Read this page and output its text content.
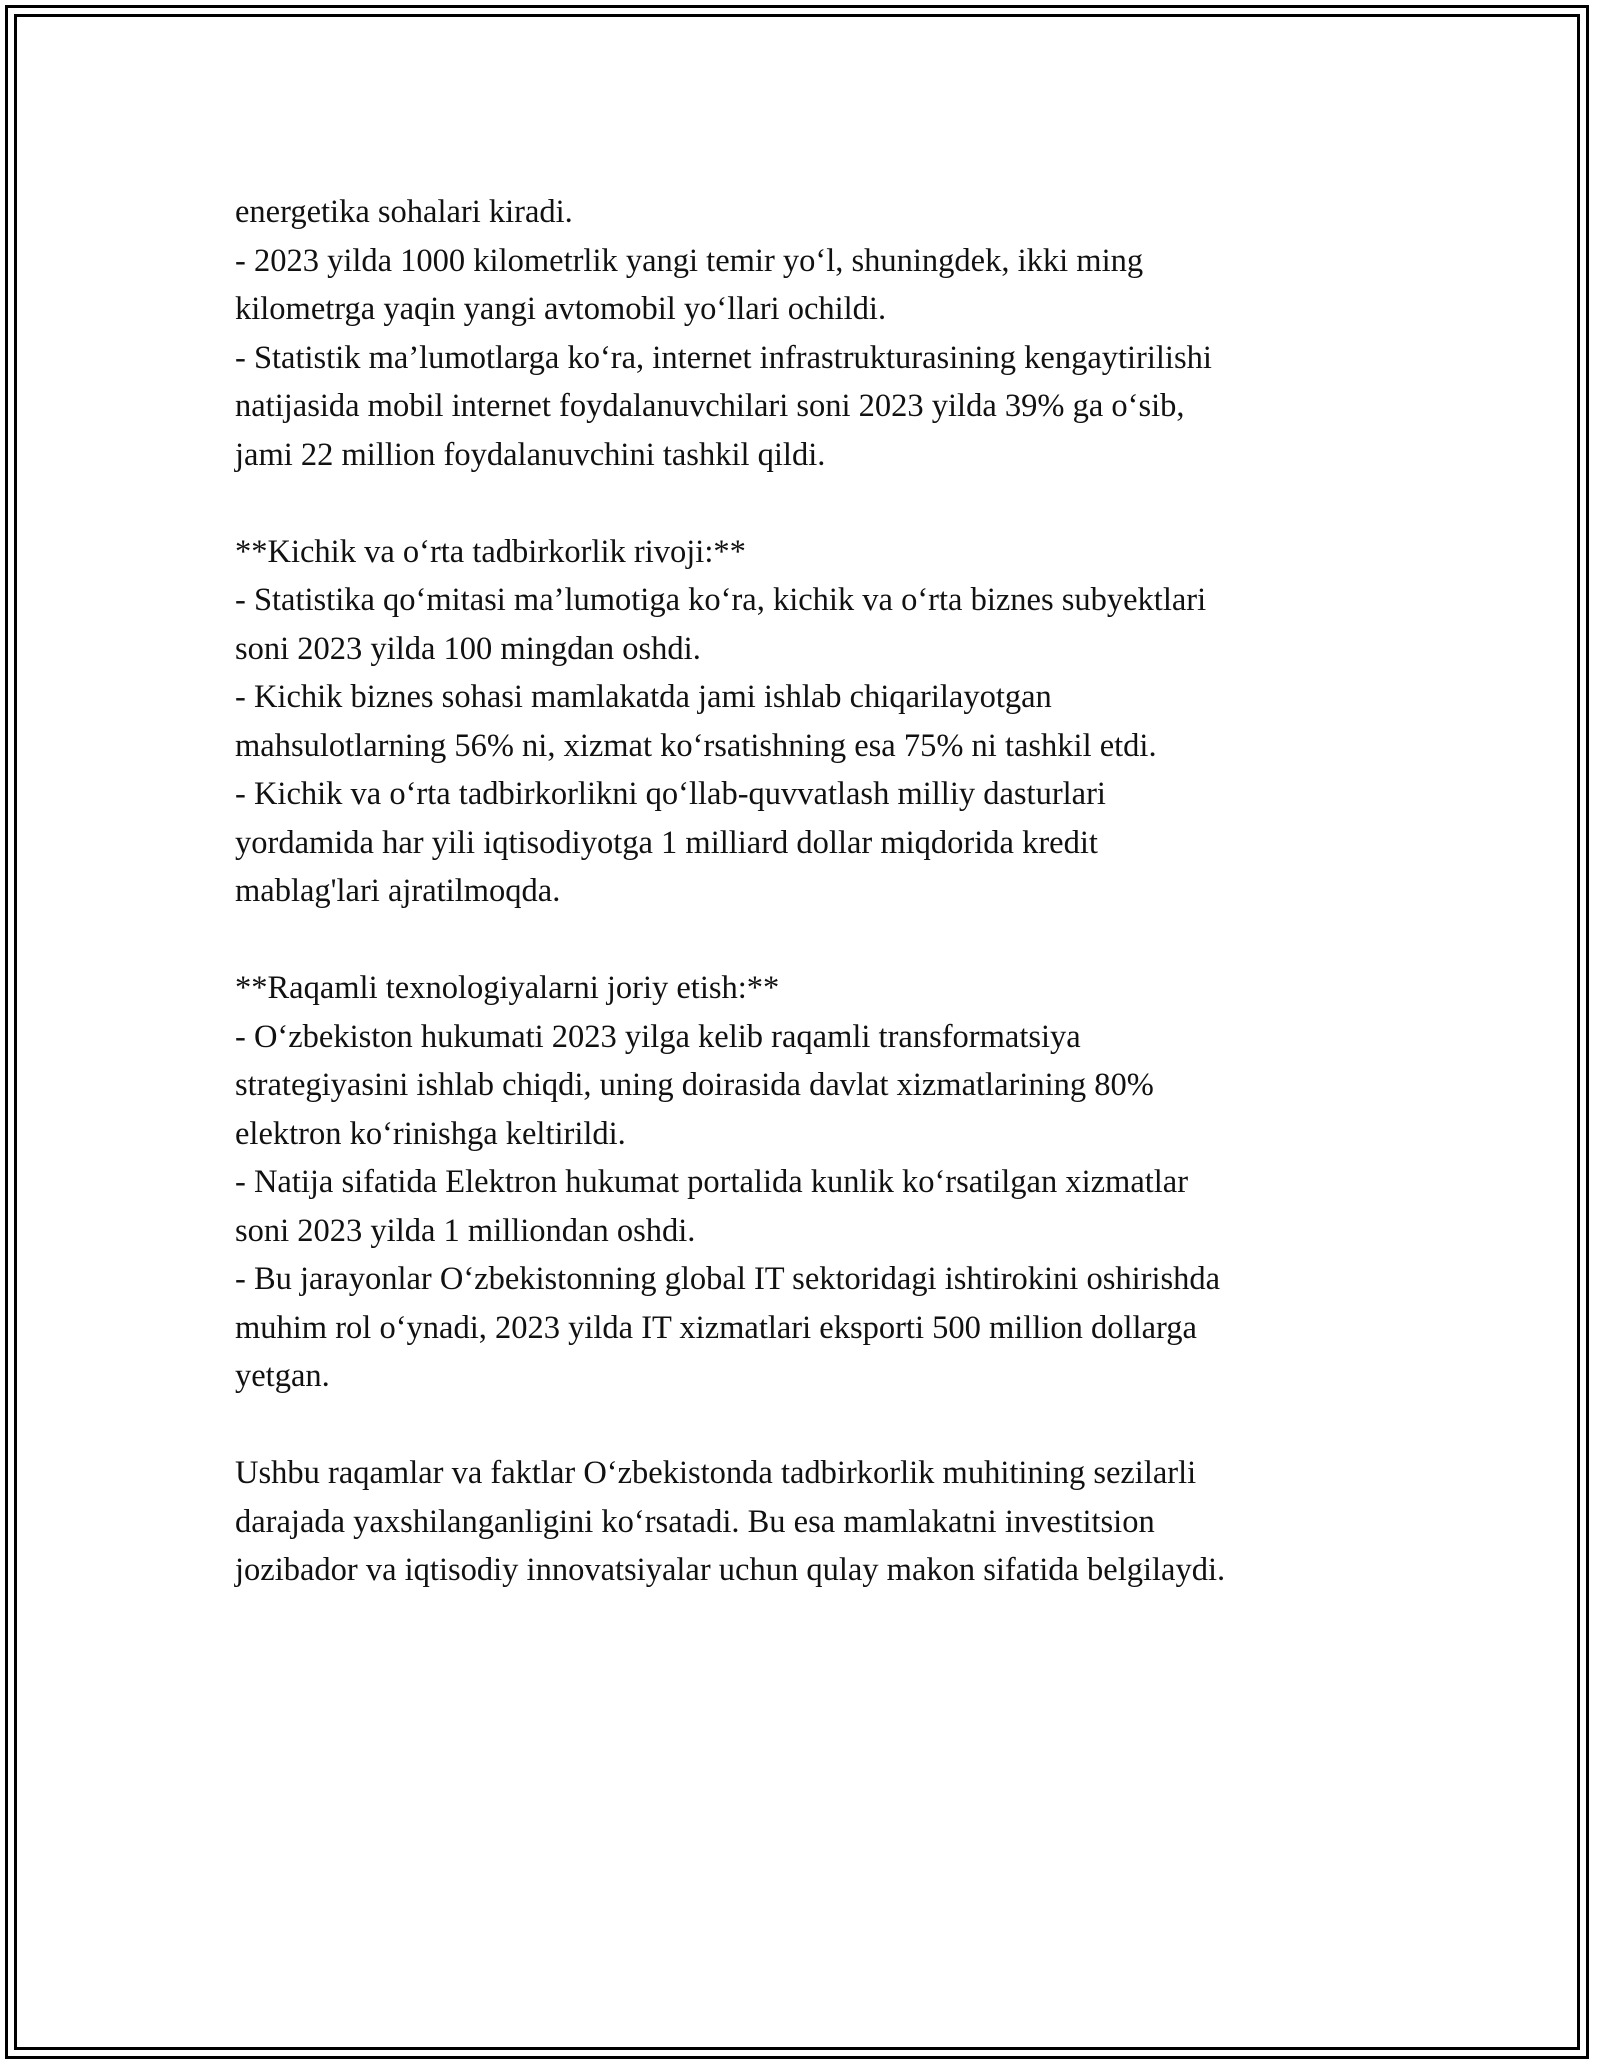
energetika sohalari kiradi.
- 2023 yilda 1000 kilometrlik yangi temir yo‘l, shuningdek, ikki ming
kilometrga yaqin yangi avtomobil yo‘llari ochildi.
- Statistik ma’lumotlarga ko‘ra, internet infrastrukturasining kengaytirilishi
natijasida mobil internet foydalanuvchilari soni 2023 yilda 39% ga o‘sib,
jami 22 million foydalanuvchini tashkil qildi.
**Kichik va o‘rta tadbirkorlik rivoji:**
- Statistika qo‘mitasi ma’lumotiga ko‘ra, kichik va o‘rta biznes subyektlari
soni 2023 yilda 100 mingdan oshdi.
- Kichik biznes sohasi mamlakatda jami ishlab chiqarilayotgan
mahsulotlarning 56% ni, xizmat ko‘rsatishning esa 75% ni tashkil etdi.
- Kichik va o‘rta tadbirkorlikni qo‘llab-quvvatlash milliy dasturlari
yordamida har yili iqtisodiyotga 1 milliard dollar miqdorida kredit
mablag'lari ajratilmoqda.
**Raqamli texnologiyalarni joriy etish:**
- O‘zbekiston hukumati 2023 yilga kelib raqamli transformatsiya
strategiyasini ishlab chiqdi, uning doirasida davlat xizmatlarining 80%
elektron ko‘rinishga keltirildi.
- Natija sifatida Elektron hukumat portalida kunlik ko‘rsatilgan xizmatlar
soni 2023 yilda 1 milliondan oshdi.
- Bu jarayonlar O‘zbekistonning global IT sektoridagi ishtirokini oshirishda
muhim rol o‘ynadi, 2023 yilda IT xizmatlari eksporti 500 million dollarga
yetgan.
Ushbu raqamlar va faktlar O‘zbekistonda tadbirkorlik muhitining sezilarli
darajada yaxshilanganligini ko‘rsatadi. Bu esa mamlakatni investitsion
jozibador va iqtisodiy innovatsiyalar uchun qulay makon sifatida belgilaydi.
